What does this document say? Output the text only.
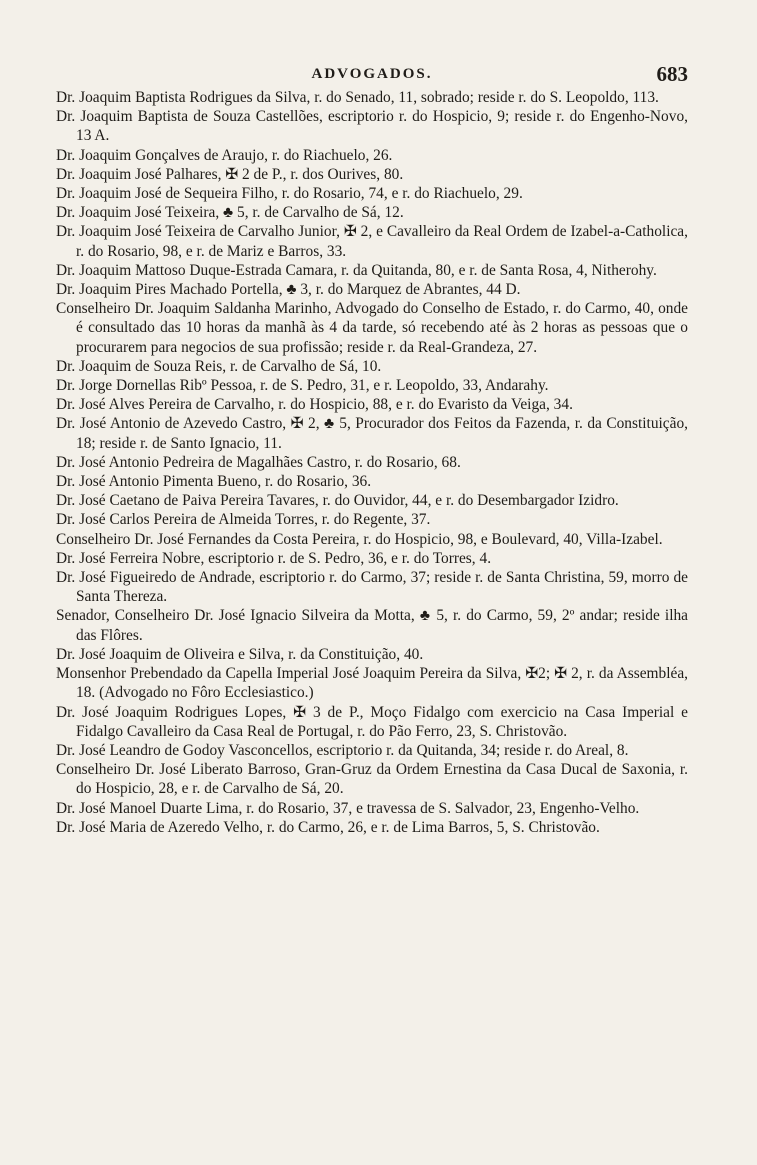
ADVOGADOS.	683

Dr. Joaquim Baptista Rodrigues da Silva, r. do Senado, 11, sobrado; reside r. do S. Leopoldo, 113.

Dr. Joaquim Baptista de Souza Castellões, escriptorio r. do Hospicio, 9; reside r. do Engenho-Novo, 13 A.

Dr. Joaquim Gonçalves de Araujo, r. do Riachuelo, 26.

Dr. Joaquim José Palhares, ✠ 2 de P., r. dos Ourives, 80.

Dr. Joaquim José de Sequeira Filho, r. do Rosario, 74, e r. do Riachuelo, 29.

Dr. Joaquim José Teixeira, ♣ 5, r. de Carvalho de Sá, 12.

Dr. Joaquim José Teixeira de Carvalho Junior, ✠ 2, e Cavalleiro da Real Ordem de Izabel-a-Catholica, r. do Rosario, 98, e r. de Mariz e Barros, 33.

Dr. Joaquim Mattoso Duque-Estrada Camara, r. da Quitanda, 80, e r. de Santa Rosa, 4, Nitherohy.

Dr. Joaquim Pires Machado Portella, ♣ 3, r. do Marquez de Abrantes, 44 D.

Conselheiro Dr. Joaquim Saldanha Marinho, Advogado do Conselho de Estado, r. do Carmo, 40, onde é consultado das 10 horas da manhã às 4 da tarde, só recebendo até às 2 horas as pessoas que o procurarem para negocios de sua profissão; reside r. da Real-Grandeza, 27.

Dr. Joaquim de Souza Reis, r. de Carvalho de Sá, 10.

Dr. Jorge Dornellas Ribº Pessoa, r. de S. Pedro, 31, e r. Leopoldo, 33, Andarahy.

Dr. José Alves Pereira de Carvalho, r. do Hospicio, 88, e r. do Evaristo da Veiga, 34.

Dr. José Antonio de Azevedo Castro, ✠ 2, ♣ 5, Procurador dos Feitos da Fazenda, r. da Constituição, 18; reside r. de Santo Ignacio, 11.

Dr. José Antonio Pedreira de Magalhães Castro, r. do Rosario, 68.

Dr. José Antonio Pimenta Bueno, r. do Rosario, 36.

Dr. José Caetano de Paiva Pereira Tavares, r. do Ouvidor, 44, e r. do Desembargador Izidro.

Dr. José Carlos Pereira de Almeida Torres, r. do Regente, 37.

Conselheiro Dr. José Fernandes da Costa Pereira, r. do Hospicio, 98, e Boulevard, 40, Villa-Izabel.

Dr. José Ferreira Nobre, escriptorio r. de S. Pedro, 36, e r. do Torres, 4.

Dr. José Figueiredo de Andrade, escriptorio r. do Carmo, 37; reside r. de Santa Christina, 59, morro de Santa Thereza.

Senador, Conselheiro Dr. José Ignacio Silveira da Motta, ♣ 5, r. do Carmo, 59, 2º andar; reside ilha das Flôres.

Dr. José Joaquim de Oliveira e Silva, r. da Constituição, 40.

Monsenhor Prebendado da Capella Imperial José Joaquim Pereira da Silva, ✠2; ✠ 2, r. da Assembléa, 18. (Advogado no Fôro Ecclesiastico.)

Dr. José Joaquim Rodrigues Lopes, ✠ 3 de P., Moço Fidalgo com exercicio na Casa Imperial e Fidalgo Cavalleiro da Casa Real de Portugal, r. do Pão Ferro, 23, S. Christovão.

Dr. José Leandro de Godoy Vasconcellos, escriptorio r. da Quitanda, 34; reside r. do Areal, 8.

Conselheiro Dr. José Liberato Barroso, Gran-Gruz da Ordem Ernestina da Casa Ducal de Saxonia, r. do Hospicio, 28, e r. de Carvalho de Sá, 20.

Dr. José Manoel Duarte Lima, r. do Rosario, 37, e travessa de S. Salvador, 23, Engenho-Velho.

Dr. José Maria de Azeredo Velho, r. do Carmo, 26, e r. de Lima Barros, 5, S. Christovão.
